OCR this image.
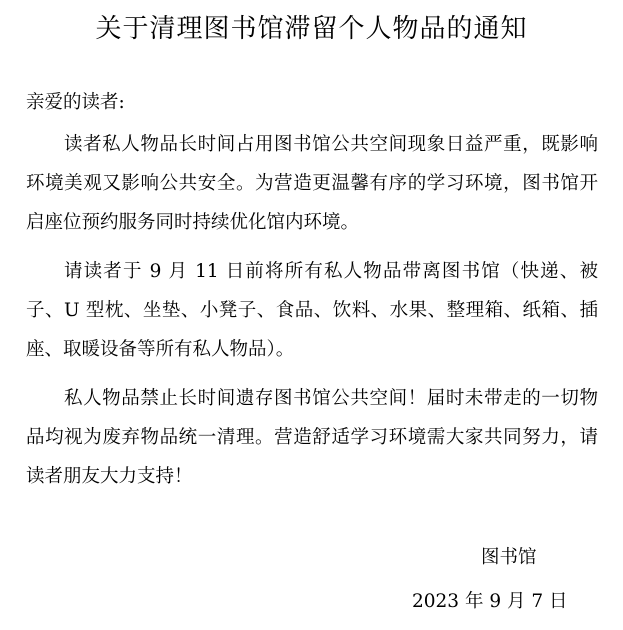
关于清理图书馆滞留个人物品的通知
亲爱的读者:

读者私人物品长时间占用图书馆公共空间现象日益严重，既影响环境美观又影响公共安全。为营造更温馨有序的学习环境，图书馆开启座位预约服务同时持续优化馆内环境。

请读者于 9 月 11 日前将所有私人物品带离图书馆（快递、被子、U 型枕、坐垫、小凳子、食品、饮料、水果、整理箱、纸箱、插座、取暖设备等所有私人物品）。

私人物品禁止长时间遗存图书馆公共空间！届时未带走的一切物品均视为废弃物品统一清理。营造舒适学习环境需大家共同努力，请读者朋友大力支持！

图书馆
2023 年 9 月 7 日
